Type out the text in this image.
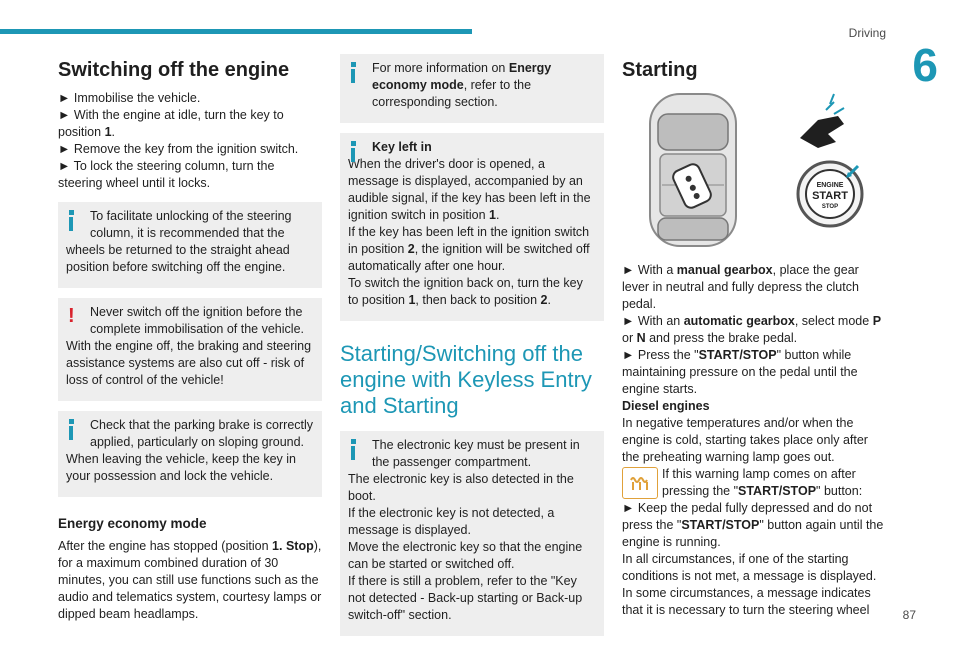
Driving
6
87
Switching off the engine

► Immobilise the vehicle.

► With the engine at idle, turn the key to position 1.

► Remove the key from the ignition switch.

► To lock the steering column, turn the steering wheel until it locks.

To facilitate unlocking of the steering column, it is recommended that the

wheels be returned to the straight ahead position before switching off the engine.

!	Never switch off the ignition before the complete immobilisation of the vehicle.

With the engine off, the braking and steering assistance systems are also cut off - risk of loss of control of the vehicle!

Check that the parking brake is correctly applied, particularly on sloping ground.

When leaving the vehicle, keep the key in your possession and lock the vehicle.

Energy economy mode

After the engine has stopped (position 1. Stop), for a maximum combined duration of 30 minutes, you can still use functions such as the audio and telematics system, courtesy lamps or dipped beam headlamps.

For more information on Energy economy mode, refer to the corresponding section.

Key left in

When the driver's door is opened, a message is displayed, accompanied by an audible signal, if the key has been left in the ignition switch in position 1.

If the key has been left in the ignition switch in position 2, the ignition will be switched off automatically after one hour.

To switch the ignition back on, turn the key to position 1, then back to position 2.

Starting/Switching off the engine with Keyless Entry and Starting

The electronic key must be present in the passenger compartment.

The electronic key is also detected in the boot.

If the electronic key is not detected, a message is displayed.

Move the electronic key so that the engine can be started or switched off.

If there is still a problem, refer to the "Key not detected - Back-up starting or Back-up switch-off" section.

Starting
ENGINE
START
STOP

► With a manual gearbox, place the gear lever in neutral and fully depress the clutch pedal.

► With an automatic gearbox, select mode P or N and press the brake pedal.

► Press the "START/STOP" button while maintaining pressure on the pedal until the engine starts.

Diesel engines

In negative temperatures and/or when the engine is cold, starting takes place only after the preheating warning lamp goes out.

If this warning lamp comes on after pressing the "START/STOP" button:

► Keep the pedal fully depressed and do not press the "START/STOP" button again until the engine is running.

In all circumstances, if one of the starting conditions is not met, a message is displayed.

In some circumstances, a message indicates that it is necessary to turn the steering wheel
